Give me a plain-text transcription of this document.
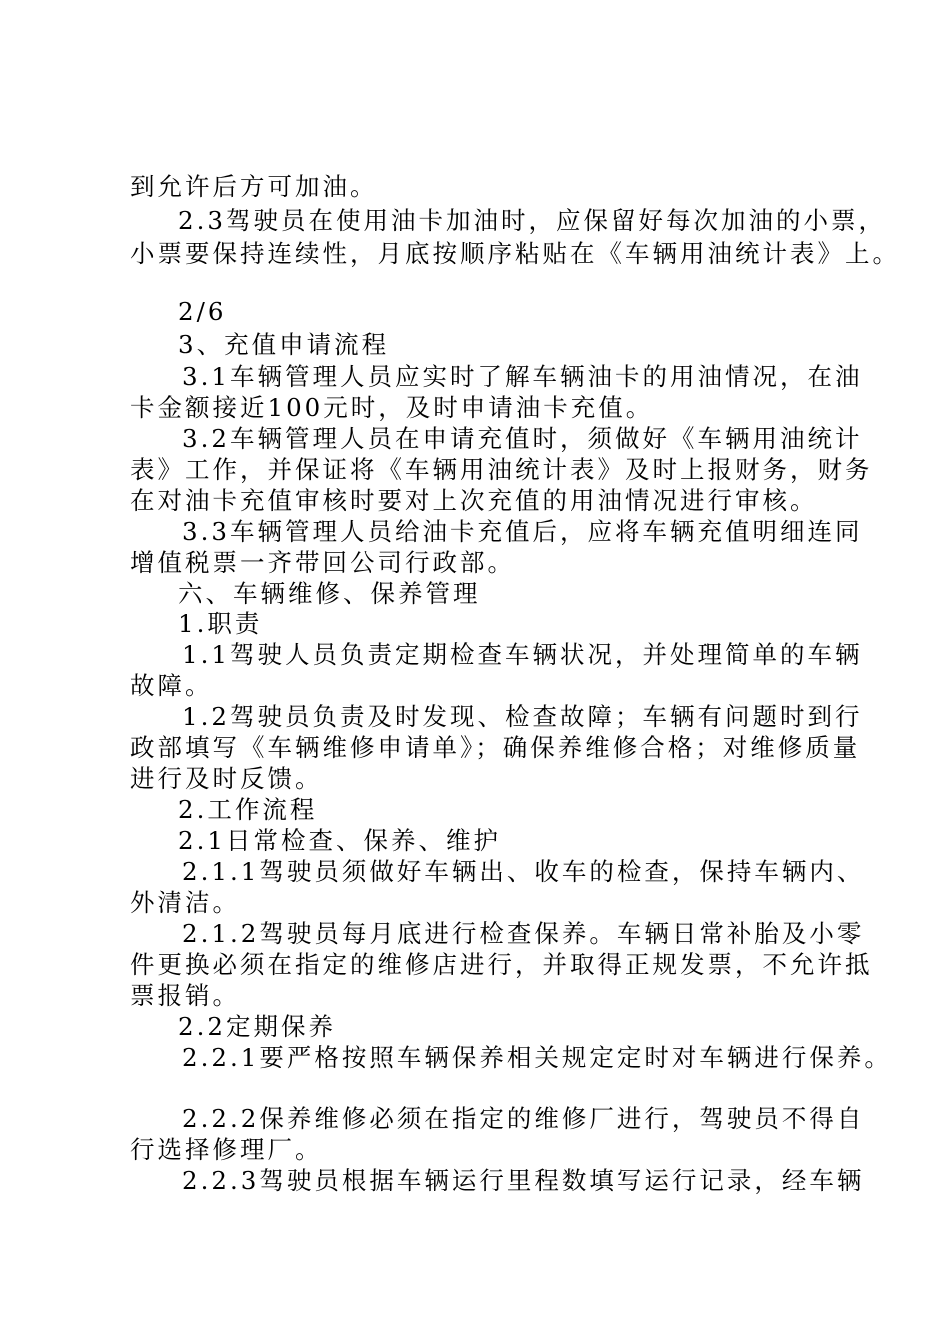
到允许后方可加油。
2.3驾驶员在使用油卡加油时，应保留好每次加油的小票，
小票要保持连续性，月底按顺序粘贴在《车辆用油统计表》上。
2/6
3、充值申请流程
3.1车辆管理人员应实时了解车辆油卡的用油情况，在油
卡金额接近100元时，及时申请油卡充值。
3.2车辆管理人员在申请充值时，须做好《车辆用油统计
表》工作，并保证将《车辆用油统计表》及时上报财务，财务
在对油卡充值审核时要对上次充值的用油情况进行审核。
3.3车辆管理人员给油卡充值后，应将车辆充值明细连同
增值税票一齐带回公司行政部。
六、车辆维修、保养管理
1.职责
1.1驾驶人员负责定期检查车辆状况，并处理简单的车辆
故障。
1.2驾驶员负责及时发现、检查故障；车辆有问题时到行
政部填写《车辆维修申请单》；确保养维修合格；对维修质量
进行及时反馈。
2.工作流程
2.1日常检查、保养、维护
2.1.1驾驶员须做好车辆出、收车的检查，保持车辆内、
外清洁。
2.1.2驾驶员每月底进行检查保养。车辆日常补胎及小零
件更换必须在指定的维修店进行，并取得正规发票，不允许抵
票报销。
2.2定期保养
2.2.1要严格按照车辆保养相关规定定时对车辆进行保养。
2.2.2保养维修必须在指定的维修厂进行，驾驶员不得自
行选择修理厂。
2.2.3驾驶员根据车辆运行里程数填写运行记录，经车辆
